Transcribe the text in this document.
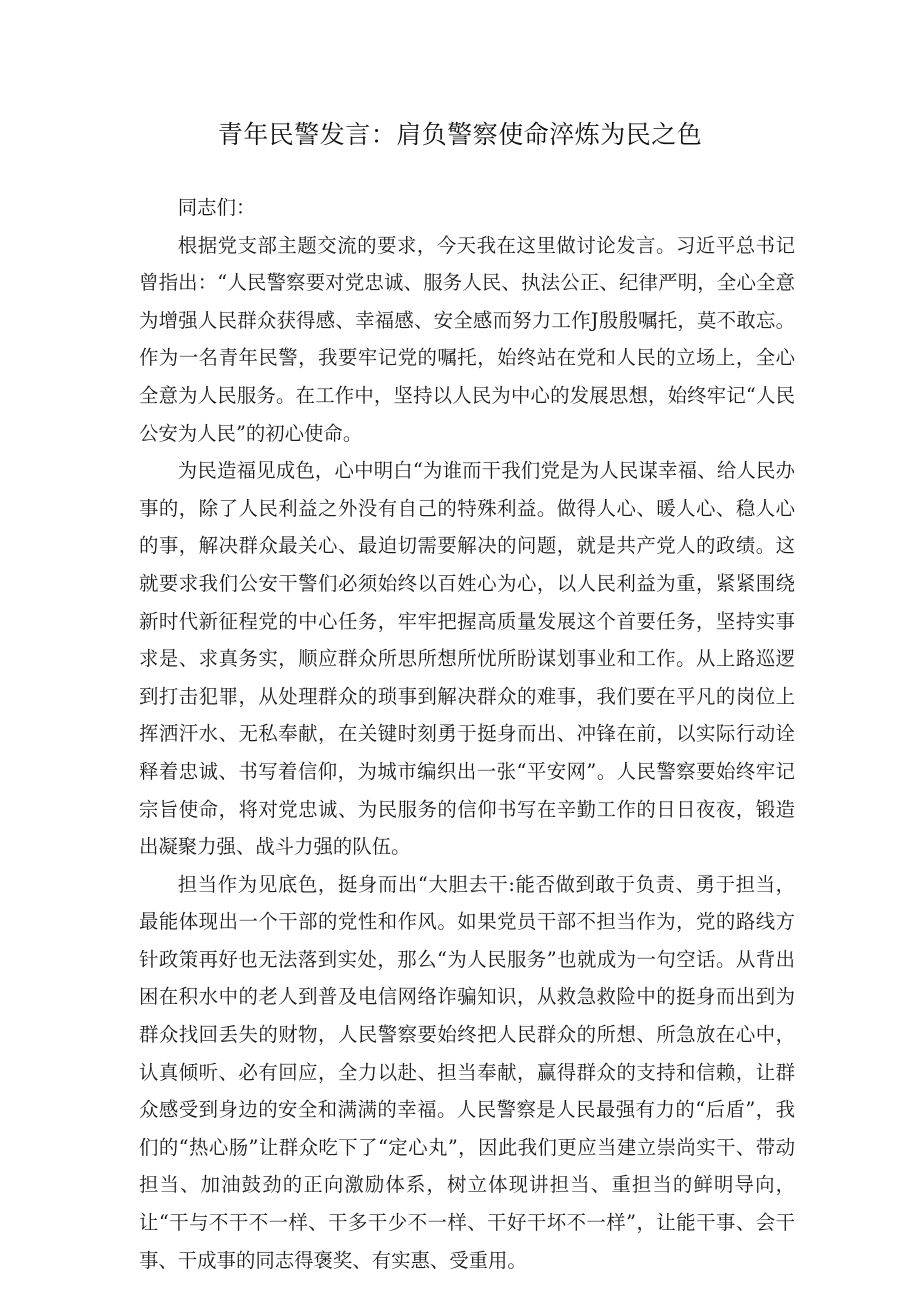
青年民警发言：肩负警察使命淬炼为民之色

同志们：

根据党支部主题交流的要求，今天我在这里做讨论发言。习近平总书记曾指出：“人民警察要对党忠诚、服务人民、执法公正、纪律严明，全心全意为增强人民群众获得感、幸福感、安全感而努力工作J殷殷嘱托，莫不敢忘。作为一名青年民警，我要牢记党的嘱托，始终站在党和人民的立场上，全心全意为人民服务。在工作中，坚持以人民为中心的发展思想，始终牢记“人民公安为人民”的初心使命。

为民造福见成色，心中明白“为谁而干我们党是为人民谋幸福、给人民办事的，除了人民利益之外没有自己的特殊利益。做得人心、暖人心、稳人心的事，解决群众最关心、最迫切需要解决的问题，就是共产党人的政绩。这就要求我们公安干警们必须始终以百姓心为心，以人民利益为重，紧紧围绕新时代新征程党的中心任务，牢牢把握高质量发展这个首要任务，坚持实事求是、求真务实，顺应群众所思所想所忧所盼谋划事业和工作。从上路巡逻到打击犯罪，从处理群众的琐事到解决群众的难事，我们要在平凡的岗位上挥洒汗水、无私奉献，在关键时刻勇于挺身而出、冲锋在前，以实际行动诠释着忠诚、书写着信仰，为城市编织出一张“平安网”。人民警察要始终牢记宗旨使命，将对党忠诚、为民服务的信仰书写在辛勤工作的日日夜夜，锻造出凝聚力强、战斗力强的队伍。

担当作为见底色，挺身而出“大胆去干:能否做到敢于负责、勇于担当，最能体现出一个干部的党性和作风。如果党员干部不担当作为，党的路线方针政策再好也无法落到实处，那么“为人民服务”也就成为一句空话。从背出困在积水中的老人到普及电信网络诈骗知识，从救急救险中的挺身而出到为群众找回丢失的财物，人民警察要始终把人民群众的所想、所急放在心中，认真倾听、必有回应，全力以赴、担当奉献，赢得群众的支持和信赖，让群众感受到身边的安全和满满的幸福。人民警察是人民最强有力的“后盾”，我们的“热心肠”让群众吃下了“定心丸”，因此我们更应当建立崇尚实干、带动担当、加油鼓劲的正向激励体系，树立体现讲担当、重担当的鲜明导向，让“干与不干不一样、干多干少不一样、干好干坏不一样”，让能干事、会干事、干成事的同志得褒奖、有实惠、受重用。
